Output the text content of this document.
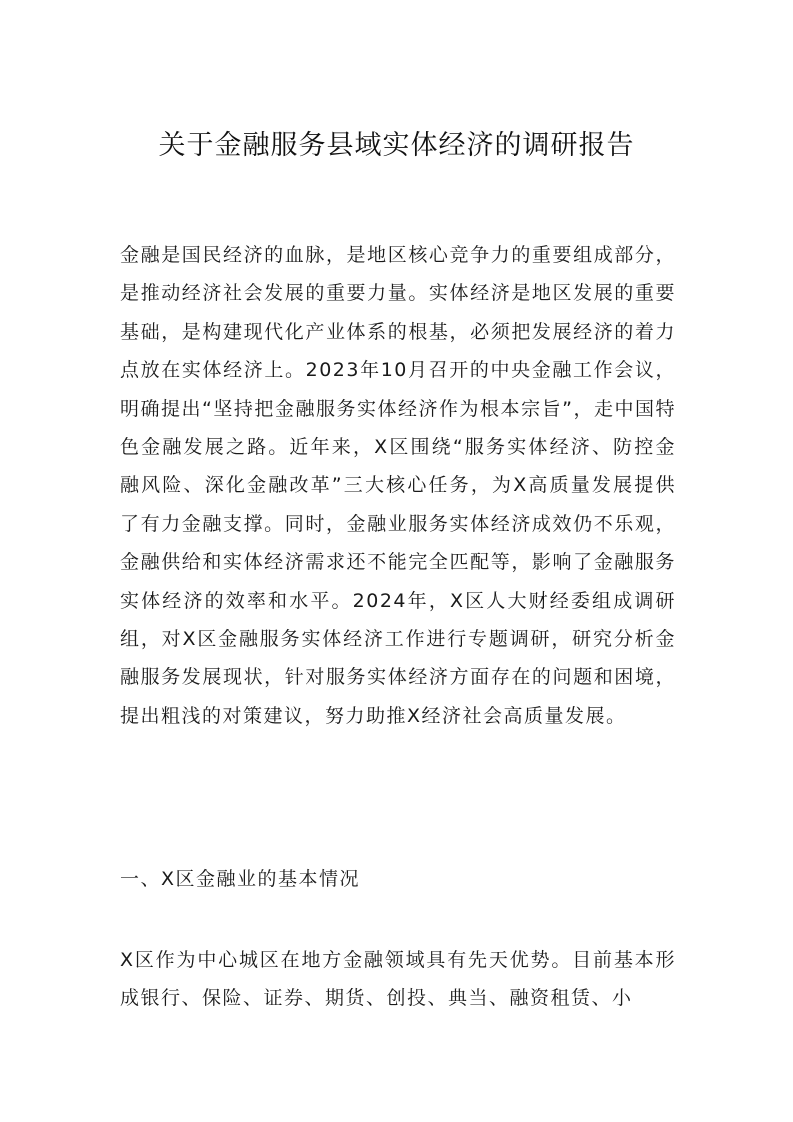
关于金融服务县域实体经济的调研报告

金融是国民经济的血脉，是地区核心竞争力的重要组成部分，是推动经济社会发展的重要力量。实体经济是地区发展的重要基础，是构建现代化产业体系的根基，必须把发展经济的着力点放在实体经济上。2023年10月召开的中央金融工作会议，明确提出“坚持把金融服务实体经济作为根本宗旨”，走中国特色金融发展之路。近年来，X区围绕“服务实体经济、防控金融风险、深化金融改革”三大核心任务，为X高质量发展提供了有力金融支撑。同时，金融业服务实体经济成效仍不乐观，金融供给和实体经济需求还不能完全匹配等，影响了金融服务实体经济的效率和水平。2024年，X区人大财经委组成调研组，对X区金融服务实体经济工作进行专题调研，研究分析金融服务发展现状，针对服务实体经济方面存在的问题和困境，提出粗浅的对策建议，努力助推X经济社会高质量发展。

一、X区金融业的基本情况

X区作为中心城区在地方金融领域具有先天优势。目前基本形成银行、保险、证券、期货、创投、典当、融资租赁、小
